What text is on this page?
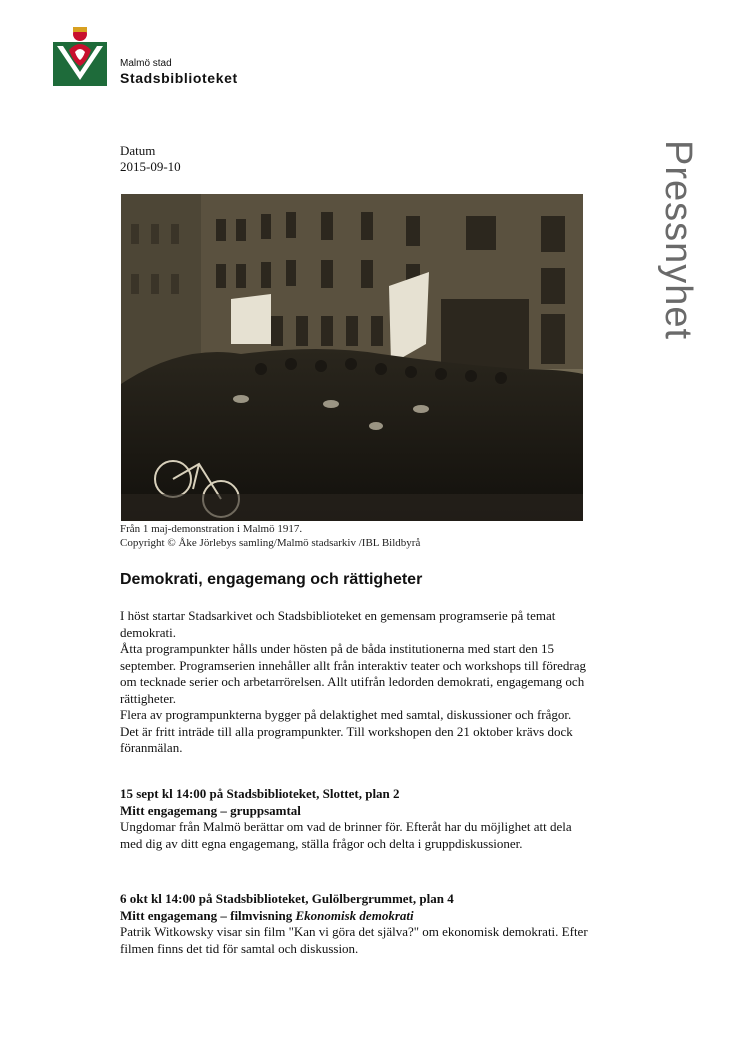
Malmö stad
Stadsbiblioteket
Pressnyhet
Datum
2015-09-10
Från 1 maj-demonstration i Malmö 1917.
Copyright © Åke Jörlebys samling/Malmö stadsarkiv /IBL Bildbyrå
Demokrati, engagemang och rättigheter

I höst startar Stadsarkivet och Stadsbiblioteket en gemensam programserie på temat demokrati.

Åtta programpunkter hålls under hösten på de båda institutionerna med start den 15 september. Programserien innehåller allt från interaktiv teater och workshops till föredrag om tecknade serier och arbetarrörelsen. Allt utifrån ledorden demokrati, engagemang och rättigheter.

Flera av programpunkterna bygger på delaktighet med samtal, diskussioner och frågor. Det är fritt inträde till alla programpunkter. Till workshopen den 21 oktober krävs dock föranmälan.

15 sept kl 14:00 på Stadsbiblioteket, Slottet, plan 2
Mitt engagemang – gruppsamtal
Ungdomar från Malmö berättar om vad de brinner för. Efteråt har du möjlighet att dela med dig av ditt egna engagemang, ställa frågor och delta i gruppdiskussioner.
6 okt kl 14:00 på Stadsbiblioteket, Gulölbergrummet, plan 4
Mitt engagemang – filmvisning Ekonomisk demokrati
Patrik Witkowsky visar sin film "Kan vi göra det själva?" om ekonomisk demokrati. Efter filmen finns det tid för samtal och diskussion.
